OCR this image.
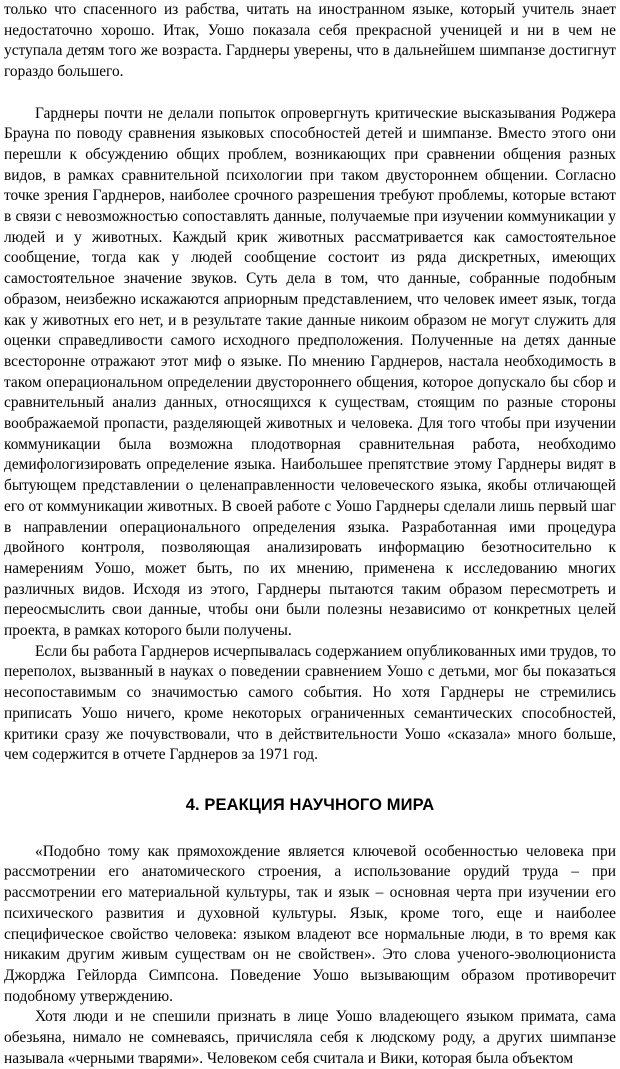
только что спасенного из рабства, читать на иностранном языке, который учитель знает недостаточно хорошо. Итак, Уошо показала себя прекрасной ученицей и ни в чем не уступала детям того же возраста. Гарднеры уверены, что в дальнейшем шимпанзе достигнут гораздо большего.

Гарднеры почти не делали попыток опровергнуть критические высказывания Роджера Брауна по поводу сравнения языковых способностей детей и шимпанзе. Вместо этого они перешли к обсуждению общих проблем, возникающих при сравнении общения разных видов, в рамках сравнительной психологии при таком двустороннем общении. Согласно точке зрения Гарднеров, наиболее срочного разрешения требуют проблемы, которые встают в связи с невозможностью сопоставлять данные, получаемые при изучении коммуникации у людей и у животных. Каждый крик животных рассматривается как самостоятельное сообщение, тогда как у людей сообщение состоит из ряда дискретных, имеющих самостоятельное значение звуков. Суть дела в том, что данные, собранные подобным образом, неизбежно искажаются априорным представлением, что человек имеет язык, тогда как у животных его нет, и в результате такие данные никоим образом не могут служить для оценки справедливости самого исходного предположения. Полученные на детях данные всесторонне отражают этот миф о языке. По мнению Гарднеров, настала необходимость в таком операциональном определении двустороннего общения, которое допускало бы сбор и сравнительный анализ данных, относящихся к существам, стоящим по разные стороны воображаемой пропасти, разделяющей животных и человека. Для того чтобы при изучении коммуникации была возможна плодотворная сравнительная работа, необходимо демифологизировать определение языка. Наибольшее препятствие этому Гарднеры видят в бытующем представлении о целенаправленности человеческого языка, якобы отличающей его от коммуникации животных. В своей работе с Уошо Гарднеры сделали лишь первый шаг в направлении операционального определения языка. Разработанная ими процедура двойного контроля, позволяющая анализировать информацию безотносительно к намерениям Уошо, может быть, по их мнению, применена к исследованию многих различных видов. Исходя из этого, Гарднеры пытаются таким образом пересмотреть и переосмыслить свои данные, чтобы они были полезны независимо от конкретных целей проекта, в рамках которого были получены.

Если бы работа Гарднеров исчерпывалась содержанием опубликованных ими трудов, то переполох, вызванный в науках о поведении сравнением Уошо с детьми, мог бы показаться несопоставимым со значимостью самого события. Но хотя Гарднеры не стремились приписать Уошо ничего, кроме некоторых ограниченных семантических способностей, критики сразу же почувствовали, что в действительности Уошо «сказала» много больше, чем содержится в отчете Гарднеров за 1971 год.

4. РЕАКЦИЯ НАУЧНОГО МИРА

«Подобно тому как прямохождение является ключевой особенностью человека при рассмотрении его анатомического строения, а использование орудий труда – при рассмотрении его материальной культуры, так и язык – основная черта при изучении его психического развития и духовной культуры. Язык, кроме того, еще и наиболее специфическое свойство человека: языком владеют все нормальные люди, в то время как никаким другим живым существам он не свойствен». Это слова ученого-эволюциониста Джорджа Гейлорда Симпсона. Поведение Уошо вызывающим образом противоречит подобному утверждению.

Хотя люди и не спешили признать в лице Уошо владеющего языком примата, сама обезьяна, нимало не сомневаясь, причисляла себя к людскому роду, а других шимпанзе называла «черными тварями». Человеком себя считала и Вики, которая была объектом
